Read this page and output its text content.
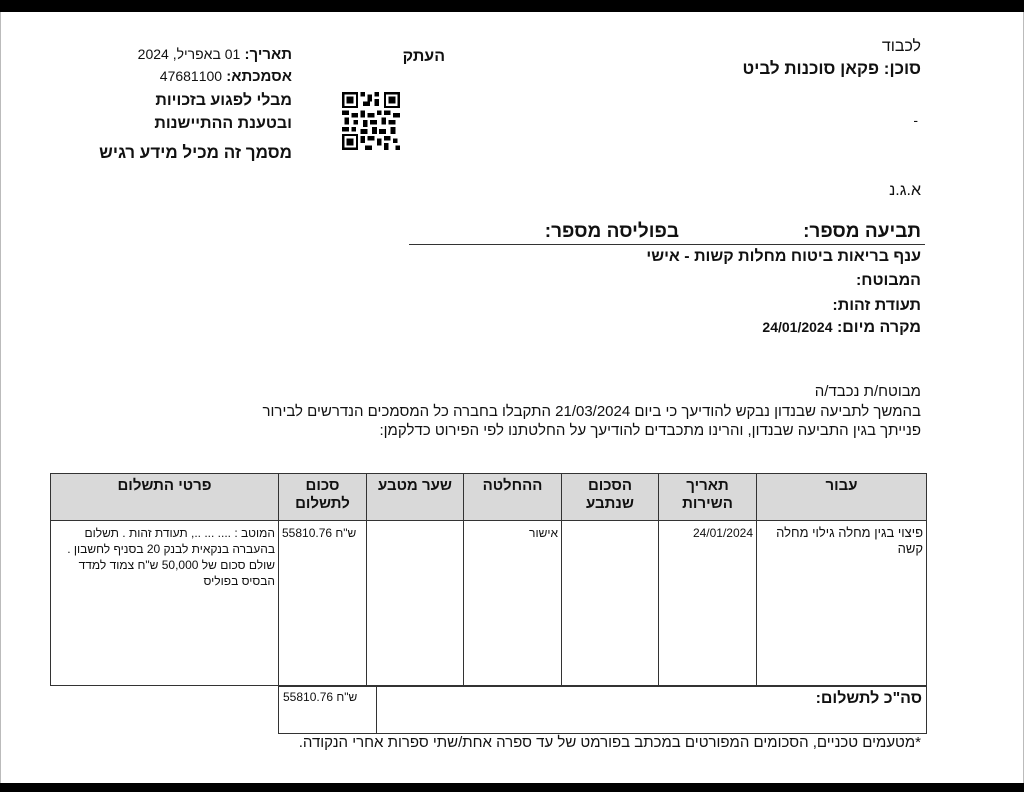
תאריך: 01 באפריל, 2024
אסמכתא: 47681100
מבלי לפגוע בזכויות
ובטענת ההתיישנות
מסמך זה מכיל מידע רגיש
העתק
לכבוד
סוכן: פקאן סוכנות לביט
-
א.ג.נ
תביעה מספר:
בפוליסה מספר:
ענף בריאות ביטוח מחלות קשות - אישי
המבוטח:
תעודת זהות:
מקרה מיום: 24/01/2024
מבוטח/ת נכבד/ה
בהמשך לתביעה שבנדון נבקש להודיעך כי ביום 21/03/2024 התקבלו בחברה כל המסמכים הנדרשים לבירור
פנייתך בגין התביעה שבנדון, והרינו מתכבדים להודיעך על החלטתנו לפי הפירוט כדלקמן:
עבור	תאריך השירות	הסכום שנתבע	ההחלטה	שער מטבע	סכום לתשלום	פרטי התשלום
פיצוי בגין מחלה גילוי מחלה קשה	24/01/2024		אישור		55810.76 ש"ח	המוטב : .... ... .., תעודת זהות . תשלום בהעברה בנקאית לבנק 20 בסניף לחשבון . שולם סכום של 50,000 ש"ח צמוד למדד הבסיס בפוליס
סה"כ לתשלום:	55810.76 ש"ח
*מטעמים טכניים, הסכומים המפורטים במכתב בפורמט של עד ספרה אחת/שתי ספרות אחרי הנקודה.
